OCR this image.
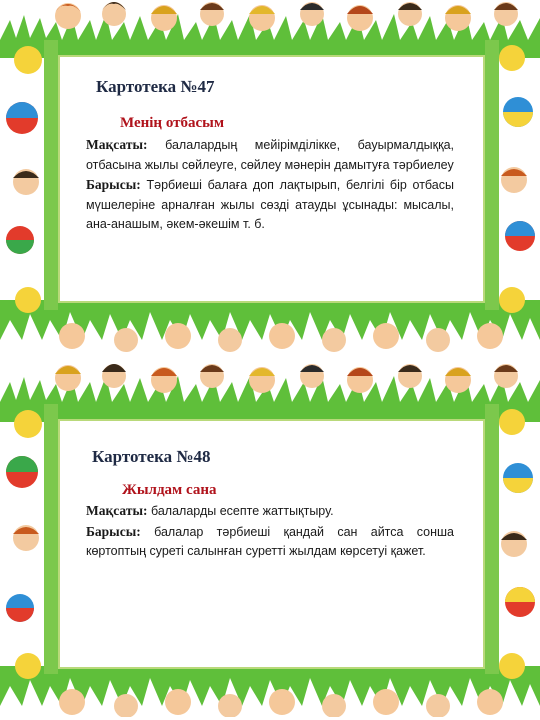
Картотека №47
Менің отбасым

Мақсаты: балалардың мейірімділікке, бауырмалдыққа, отбасына жылы сөйлеуге, сөйлеу мәнерін дамытуға тәрбиелеу

Барысы: Тәрбиеші балаға доп лақтырып, белгілі бір отбасы мүшелеріне арналған жылы сөзді атауды ұсынады: мысалы, ана-анашым, әкем-әкешім т. б.

Картотека №48
Жылдам сана

Мақсаты: балаларды есепте жаттықтыру.

Барысы: балалар тәрбиеші қандай сан айтса сонша көртоптың суреті салынған суретті жылдам көрсетуі қажет.
